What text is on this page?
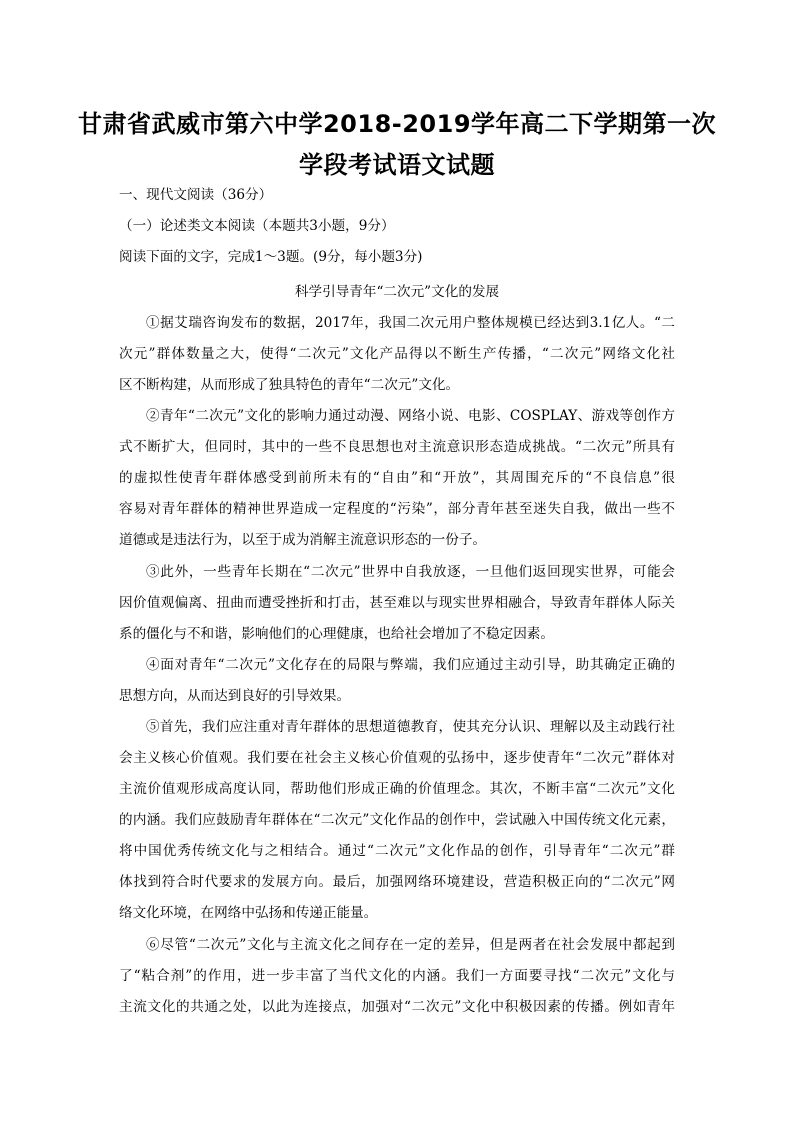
甘肃省武威市第六中学2018-2019学年高二下学期第一次
学段考试语文试题
一、现代文阅读（36分）
（一）论述类文本阅读（本题共3小题，9分）
阅读下面的文字，完成1～3题。(9分，每小题3分)
科学引导青年“二次元”文化的发展
①据艾瑞咨询发布的数据，2017年，我国二次元用户整体规模已经达到3.1亿人。“二
次元”群体数量之大，使得“二次元”文化产品得以不断生产传播，“二次元”网络文化社
区不断构建，从而形成了独具特色的青年“二次元”文化。
②青年“二次元”文化的影响力通过动漫、网络小说、电影、COSPLAY、游戏等创作方
式不断扩大，但同时，其中的一些不良思想也对主流意识形态造成挑战。“二次元”所具有
的虚拟性使青年群体感受到前所未有的“自由”和“开放”，其周围充斥的“不良信息”很
容易对青年群体的精神世界造成一定程度的“污染”，部分青年甚至迷失自我，做出一些不
道德或是违法行为，以至于成为消解主流意识形态的一份子。
③此外，一些青年长期在“二次元”世界中自我放逐，一旦他们返回现实世界，可能会
因价值观偏离、扭曲而遭受挫折和打击，甚至难以与现实世界相融合，导致青年群体人际关
系的僵化与不和谐，影响他们的心理健康，也给社会增加了不稳定因素。
④面对青年“二次元”文化存在的局限与弊端，我们应通过主动引导，助其确定正确的
思想方向，从而达到良好的引导效果。
⑤首先，我们应注重对青年群体的思想道德教育，使其充分认识、理解以及主动践行社
会主义核心价值观。我们要在社会主义核心价值观的弘扬中，逐步使青年“二次元”群体对
主流价值观形成高度认同，帮助他们形成正确的价值理念。其次，不断丰富“二次元”文化
的内涵。我们应鼓励青年群体在“二次元”文化作品的创作中，尝试融入中国传统文化元素，
将中国优秀传统文化与之相结合。通过“二次元”文化作品的创作，引导青年“二次元”群
体找到符合时代要求的发展方向。最后，加强网络环境建设，营造积极正向的“二次元”网
络文化环境，在网络中弘扬和传递正能量。
⑥尽管“二次元”文化与主流文化之间存在一定的差异，但是两者在社会发展中都起到
了“粘合剂”的作用，进一步丰富了当代文化的内涵。我们一方面要寻找“二次元”文化与
主流文化的共通之处，以此为连接点，加强对“二次元”文化中积极因素的传播。例如青年
